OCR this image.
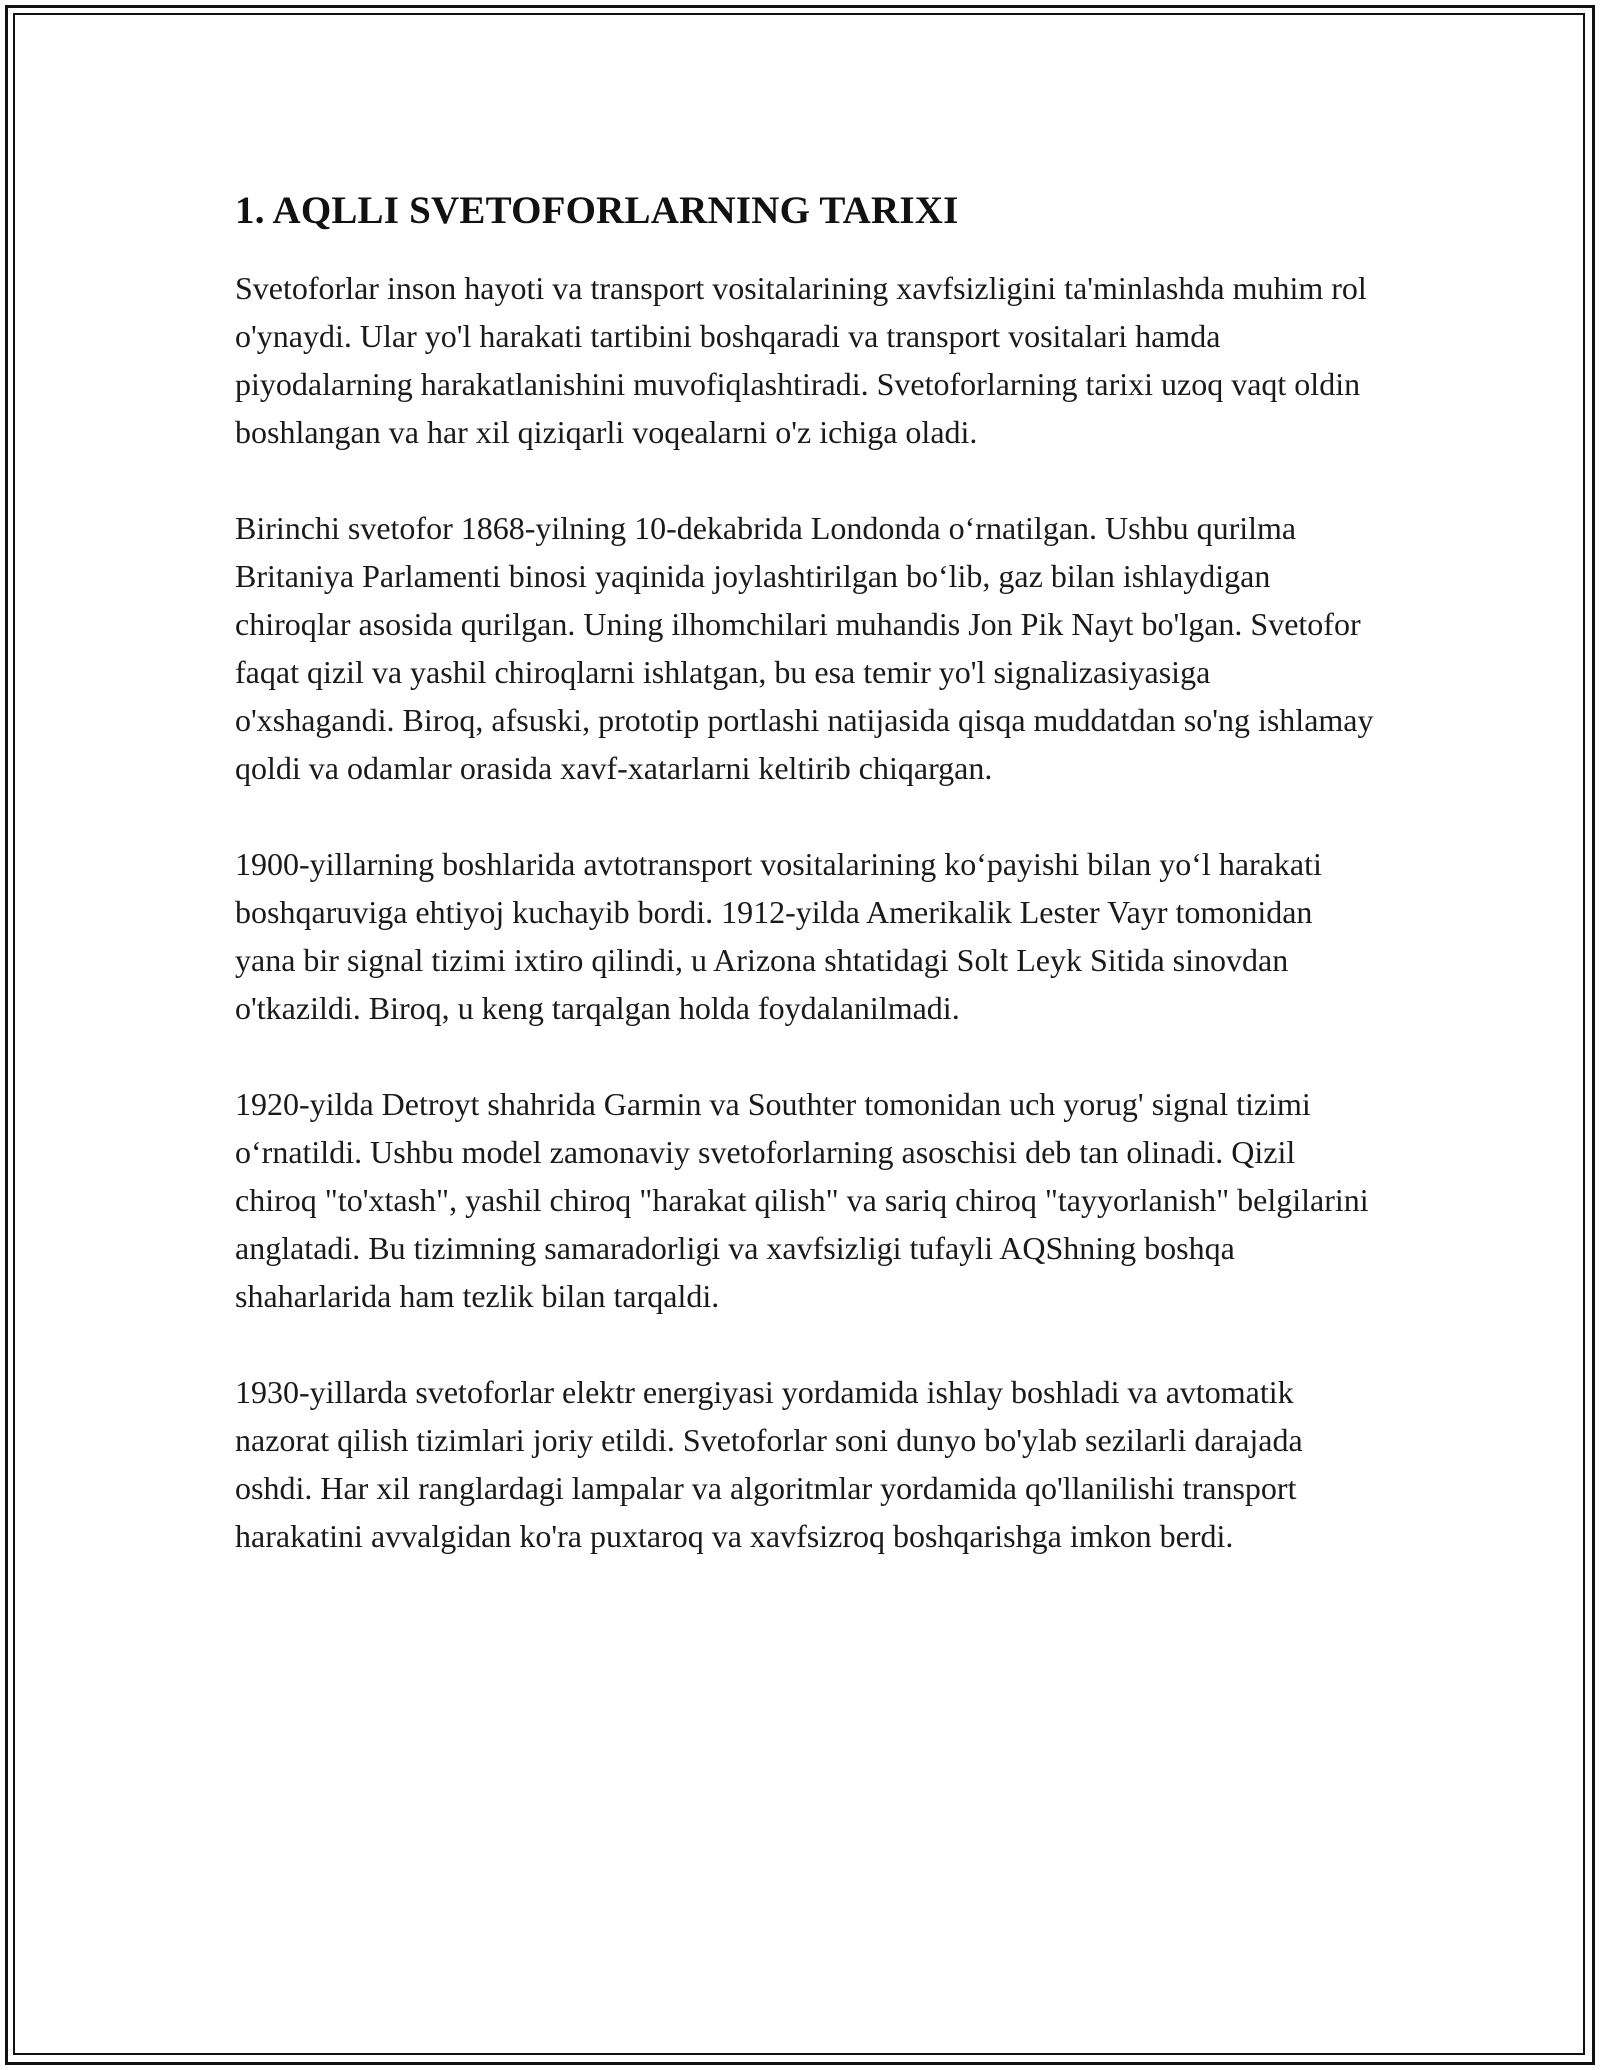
1. AQLLI SVETOFORLARNING TARIXI

Svetoforlar inson hayoti va transport vositalarining xavfsizligini ta'minlashda muhim rol o'ynaydi. Ular yo'l harakati tartibini boshqaradi va transport vositalari hamda piyodalarning harakatlanishini muvofiqlashtiradi. Svetoforlarning tarixi uzoq vaqt oldin boshlangan va har xil qiziqarli voqealarni o'z ichiga oladi.

Birinchi svetofor 1868-yilning 10-dekabrida Londonda oʻrnatilgan. Ushbu qurilma Britaniya Parlamenti binosi yaqinida joylashtirilgan boʻlib, gaz bilan ishlaydigan chiroqlar asosida qurilgan. Uning ilhomchilari muhandis Jon Pik Nayt bo'lgan. Svetofor faqat qizil va yashil chiroqlarni ishlatgan, bu esa temir yo'l signalizasiyasiga o'xshagandi. Biroq, afsuski, prototip portlashi natijasida qisqa muddatdan so'ng ishlamay qoldi va odamlar orasida xavf-xatarlarni keltirib chiqargan.

1900-yillarning boshlarida avtotransport vositalarining koʻpayishi bilan yoʻl harakati boshqaruviga ehtiyoj kuchayib bordi. 1912-yilda Amerikalik Lester Vayr tomonidan yana bir signal tizimi ixtiro qilindi, u Arizona shtatidagi Solt Leyk Sitida sinovdan o'tkazildi. Biroq, u keng tarqalgan holda foydalanilmadi.

1920-yilda Detroyt shahrida Garmin va Southter tomonidan uch yorug' signal tizimi oʻrnatildi. Ushbu model zamonaviy svetoforlarning asoschisi deb tan olinadi. Qizil chiroq "to'xtash", yashil chiroq "harakat qilish" va sariq chiroq "tayyorlanish" belgilarini anglatadi. Bu tizimning samaradorligi va xavfsizligi tufayli AQShning boshqa shaharlarida ham tezlik bilan tarqaldi.

1930-yillarda svetoforlar elektr energiyasi yordamida ishlay boshladi va avtomatik nazorat qilish tizimlari joriy etildi. Svetoforlar soni dunyo bo'ylab sezilarli darajada oshdi. Har xil ranglardagi lampalar va algoritmlar yordamida qo'llanilishi transport harakatini avvalgidan ko'ra puxtaroq va xavfsizroq boshqarishga imkon berdi.
